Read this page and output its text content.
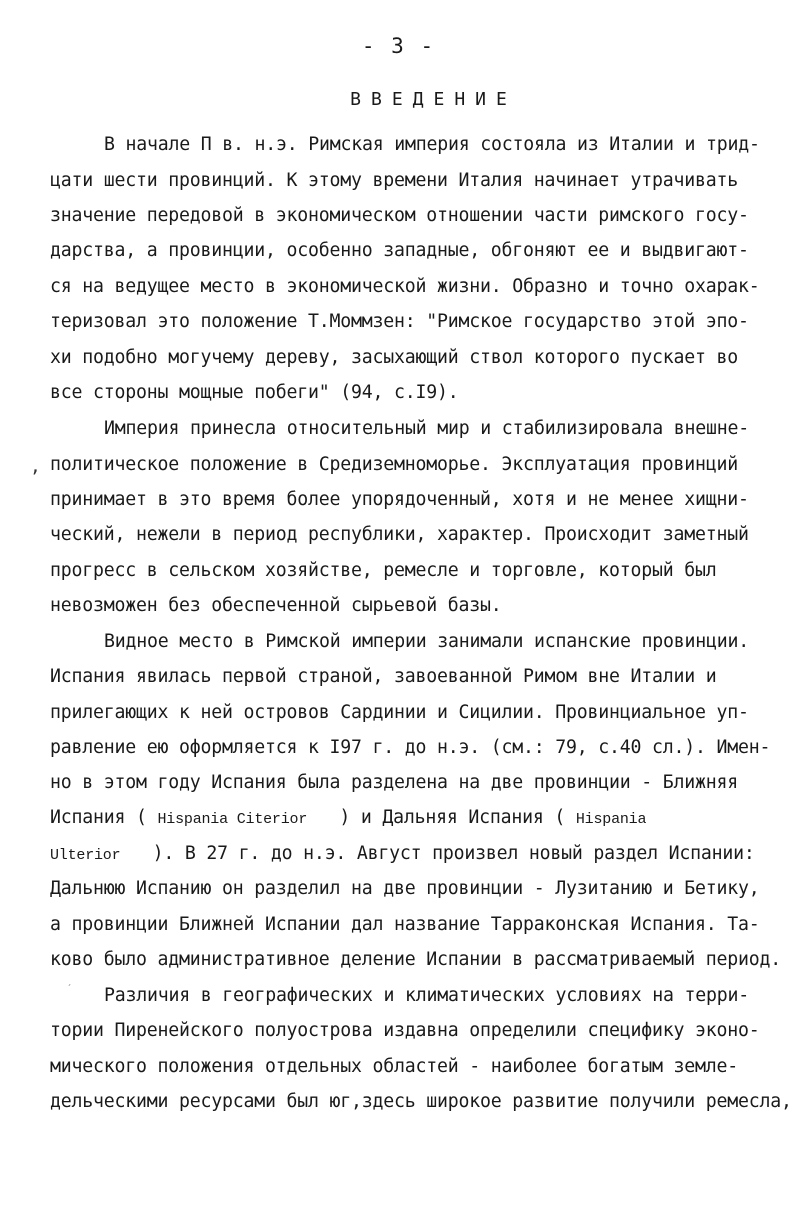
- 3 -
ВВЕДЕНИЕ
В начале П в. н.э. Римская империя состояла из Италии и трид-
цати шести провинций. К этому времени Италия начинает утрачивать
значение передовой в экономическом отношении части римского госу-
дарства, а провинции, особенно западные, обгоняют ее и выдвигают-
ся на ведущее место в экономической жизни. Образно и точно охарак-
теризовал это положение Т.Моммзен: "Римское государство этой эпо-
хи подобно могучему дереву, засыхающий ствол которого пускает во
все стороны мощные побеги" (94, с.I9).
Империя принесла относительный мир и стабилизировала внешне-
, политическое положение в Средиземноморье. Эксплуатация провинций
принимает в это время более упорядоченный, хотя и не менее хищни-
ческий, нежели в период республики, характер. Происходит заметный
прогресс в сельском хозяйстве, ремесле и торговле, который был
невозможен без обеспеченной сырьевой базы.
Видное место в Римской империи занимали испанские провинции.
Испания явилась первой страной, завоеванной Римом вне Италии и
прилегающих к ней островов Сардинии и Сицилии. Провинциальное уп-
равление ею оформляется к I97 г. до н.э. (см.: 79, с.40 сл.). Имен-
но в этом году Испания была разделена на две провинции - Ближняя
Испания ( Hispania Citerior   ) и Дальняя Испания ( Hispania
Ulterior   ). В 27 г. до н.э. Август произвел новый раздел Испании:
Дальнюю Испанию он разделил на две провинции - Лузитанию и Бетику,
а провинции Ближней Испании дал название Тарраконская Испания. Та-
ково было административное деление Испании в рассматриваемый период.
ˊ Различия в географических и климатических условиях на терри-
тории Пиренейского полуострова издавна определили специфику эконо-
мического положения отдельных областей - наиболее богатым земле-
дельческими ресурсами был юг,здесь широкое развитие получили ремесла,
